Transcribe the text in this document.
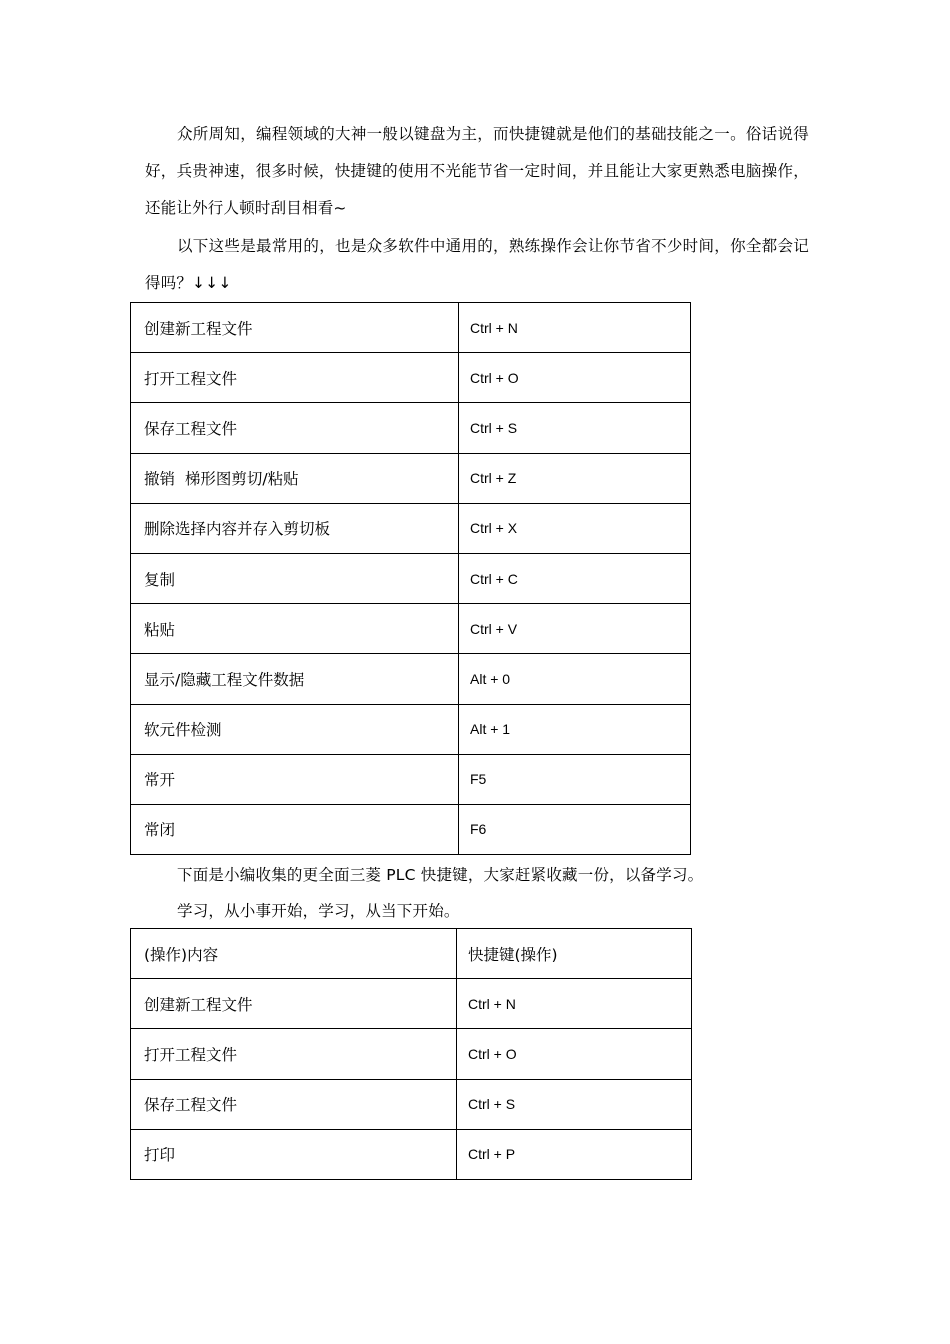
众所周知，编程领域的大神一般以键盘为主，而快捷键就是他们的基础技能之一。俗话说得好，兵贵神速，很多时候，快捷键的使用不光能节省一定时间，并且能让大家更熟悉电脑操作，还能让外行人顿时刮目相看~

以下这些是最常用的，也是众多软件中通用的，熟练操作会让你节省不少时间，你全都会记得吗？↓↓↓

创建新工程文件	Ctrl + N
打开工程文件	Ctrl + O
保存工程文件	Ctrl + S
撤销  梯形图剪切/粘贴	Ctrl + Z
删除选择内容并存入剪切板	Ctrl + X
复制	Ctrl + C
粘贴	Ctrl + V
显示/隐藏工程文件数据	Alt + 0
软元件检测	Alt + 1
常开	F5
常闭	F6

下面是小编收集的更全面三菱 PLC 快捷键，大家赶紧收藏一份，以备学习。

学习，从小事开始，学习，从当下开始。

(操作)内容	快捷键(操作)
创建新工程文件	Ctrl + N
打开工程文件	Ctrl + O
保存工程文件	Ctrl + S
打印	Ctrl + P
